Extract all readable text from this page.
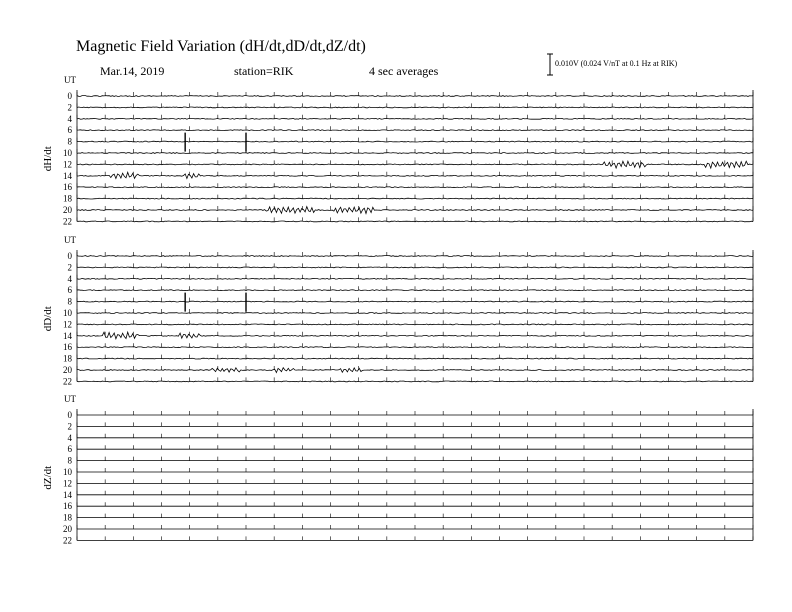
Magnetic Field Variation (dH/dt,dD/dt,dZ/dt)
Mar.14, 2019	station=RIK	4 sec averages
0.010V (0.024 V/nT at 0.1 Hz at RIK)
UT
dH/dt
0
2
4
6
8
10
12
14
16
18
20
22
UT
dD/dt
0
2
4
6
8
10
12
14
16
18
20
22
UT
dZ/dt
0
2
4
6
8
10
12
14
16
18
20
22
